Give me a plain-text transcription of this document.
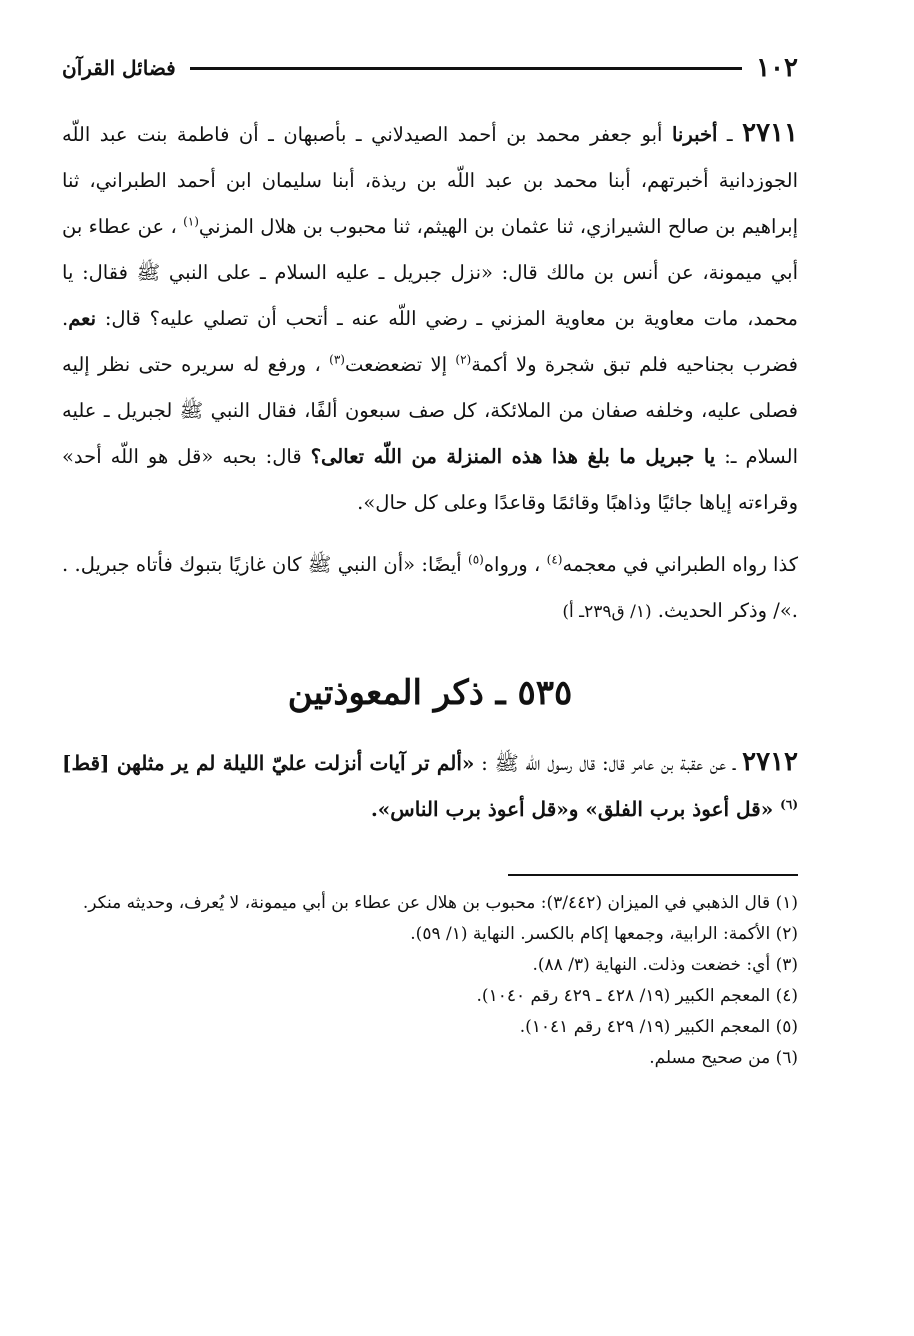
١٠٢
فضائل القرآن

٢٧١١ ـ أخبرنا أبو جعفر محمد بن أحمد الصيدلاني ـ بأصبهان ـ أن فاطمة بنت عبد اللّه الجوزدانية أخبرتهم، أبنا محمد بن عبد اللّه بن ريذة، أبنا سليمان ابن أحمد الطبراني، ثنا إبراهيم بن صالح الشيرازي، ثنا عثمان بن الهيثم، ثنا محبوب بن هلال المزني$^{(١)}$ ، عن عطاء بن أبي ميمونة، عن أنس بن مالك قال: «نزل جبريل ـ عليه السلام ـ على النبي ﷺ فقال: يا محمد، مات معاوية بن معاوية المزني ـ رضي اللّه عنه ـ أتحب أن تصلي عليه؟ قال: نعم. فضرب بجناحيه فلم تبق شجرة ولا أكمة$^{(٢)}$ إلا تضعضعت$^{(٣)}$ ، ورفع له سريره حتى نظر إليه فصلى عليه، وخلفه صفان من الملائكة، كل صف سبعون ألفًا، فقال النبي ﷺ لجبريل ـ عليه السلام ـ: يا جبريل ما بلغ هذا هذه المنزلة من اللّه تعالى؟ قال: بحبه «قل هو اللّه أحد» وقراءته إياها جائيًا وذاهبًا وقائمًا وقاعدًا وعلى كل حال».

كذا رواه الطبراني في معجمه$^{(٤)}$ ، ورواه$^{(٥)}$ أيضًا: «أن النبي ﷺ كان غازيًا بتبوك فأتاه جبريل. . .»/ وذكر الحديث. (١/ ق٢٣٩ـ أ)

٥٣٥ ـ ذكر المعوذتين

٢٧١٢ ـ عن عقبة بن عامر قال: قال رسول اللّه ﷺ : «ألم تر آيات أنزلت عليّ الليلة لم ير مثلهن [قط]$^{(٦)}$ «قل أعوذ برب الفلق» و«قل أعوذ برب الناس».

(١) قال الذهبي في الميزان (٣/٤٤٢): محبوب بن هلال عن عطاء بن أبي ميمونة، لا يُعرف، وحديثه منكر.

(٢) الأكمة: الرابية، وجمعها إكام بالكسر. النهاية (١/ ٥٩).

(٣) أي: خضعت وذلت. النهاية (٣/ ٨٨).

(٤) المعجم الكبير (١٩/ ٤٢٨ ـ ٤٢٩ رقم ١٠٤٠).

(٥) المعجم الكبير (١٩/ ٤٢٩ رقم ١٠٤١).

(٦) من صحيح مسلم.
